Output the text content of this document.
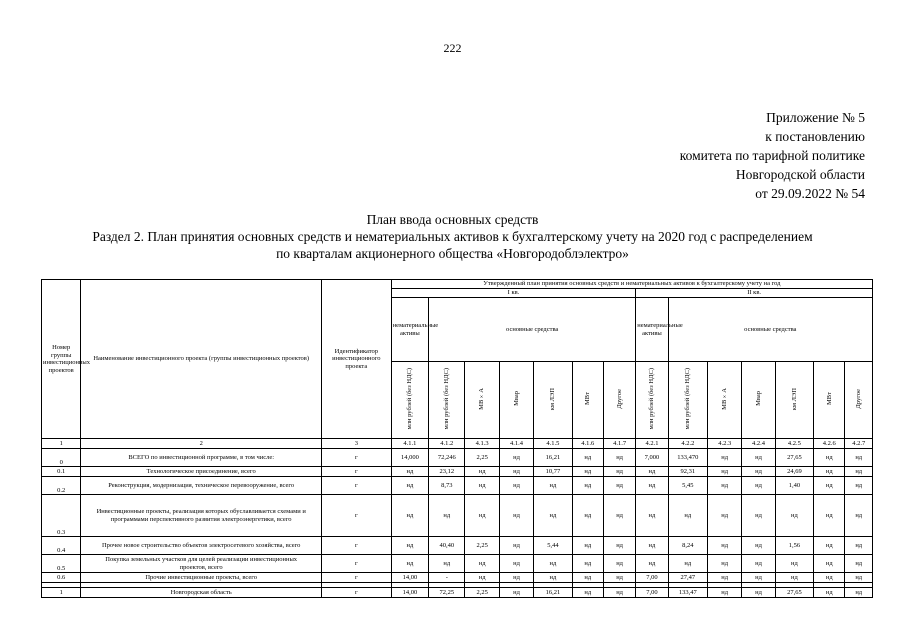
222
Приложение № 5
к постановлению
комитета по тарифной политике
Новгородской области
от 29.09.2022 № 54
План ввода основных средств
Раздел 2. План принятия основных средств и нематериальных активов к бухгалтерскому учету на 2020 год с распределением
по кварталам акционерного общества «Новгородоблэлектро»
Номер группы инвестиционных проектов	Наименование инвестиционного проекта (группы инвестиционных проектов)	Идентификатор инвестиционного проекта	Утвержденный план принятия основных средств и нематериальных активов к бухгалтерскому учету на год													
			I кв.							II кв.						
			нематериальные активы	основные средства						нематериальные активы	основные средства					
			млн рублей (без НДС)	млн рублей (без НДС)	МВ×А	Мвар	км ЛЭП	МВт	Другое	млн рублей (без НДС)	млн рублей (без НДС)	МВ×А	Мвар	км ЛЭП	МВт	Другое
1	2	3	4.1.1	4.1.2	4.1.3	4.1.4	4.1.5	4.1.6	4.1.7	4.2.1	4.2.2	4.2.3	4.2.4	4.2.5	4.2.6	4.2.7
0	ВСЕГО по инвестиционной программе, в том числе:	г	14,000	72,246	2,25	нд	16,21	нд	нд	7,000	133,470	нд	нд	27,65	нд	нд
0.1	Технологическое присоединение, всего	г	нд	23,12	нд	нд	10,77	нд	нд	нд	92,31	нд	нд	24,69	нд	нд
0.2	Реконструкция, модернизация, техническое перевооружение, всего	г	нд	8,73	нд	нд	нд	нд	нд	нд	5,45	нд	нд	1,40	нд	нд
0.3	Инвестиционные проекты, реализация которых обуславливается схемами и программами перспективного развития электроэнергетики, всего	г	нд	нд	нд	нд	нд	нд	нд	нд	нд	нд	нд	нд	нд	нд
0.4	Прочее новое строительство объектов электросетевого хозяйства, всего	г	нд	40,40	2,25	нд	5,44	нд	нд	нд	8,24	нд	нд	1,56	нд	нд
0.5	Покупка земельных участков для целей реализации инвестиционных проектов, всего	г	нд	нд	нд	нд	нд	нд	нд	нд	нд	нд	нд	нд	нд	нд
0.6	Прочие инвестиционные проекты, всего	г	14,00	-	нд	нд	нд	нд	нд	7,00	27,47	нд	нд	нд	нд	нд

1	Новгородская область	г	14,00	72,25	2,25	нд	16,21	нд	нд	7,00	133,47	нд	нд	27,65	нд	нд
